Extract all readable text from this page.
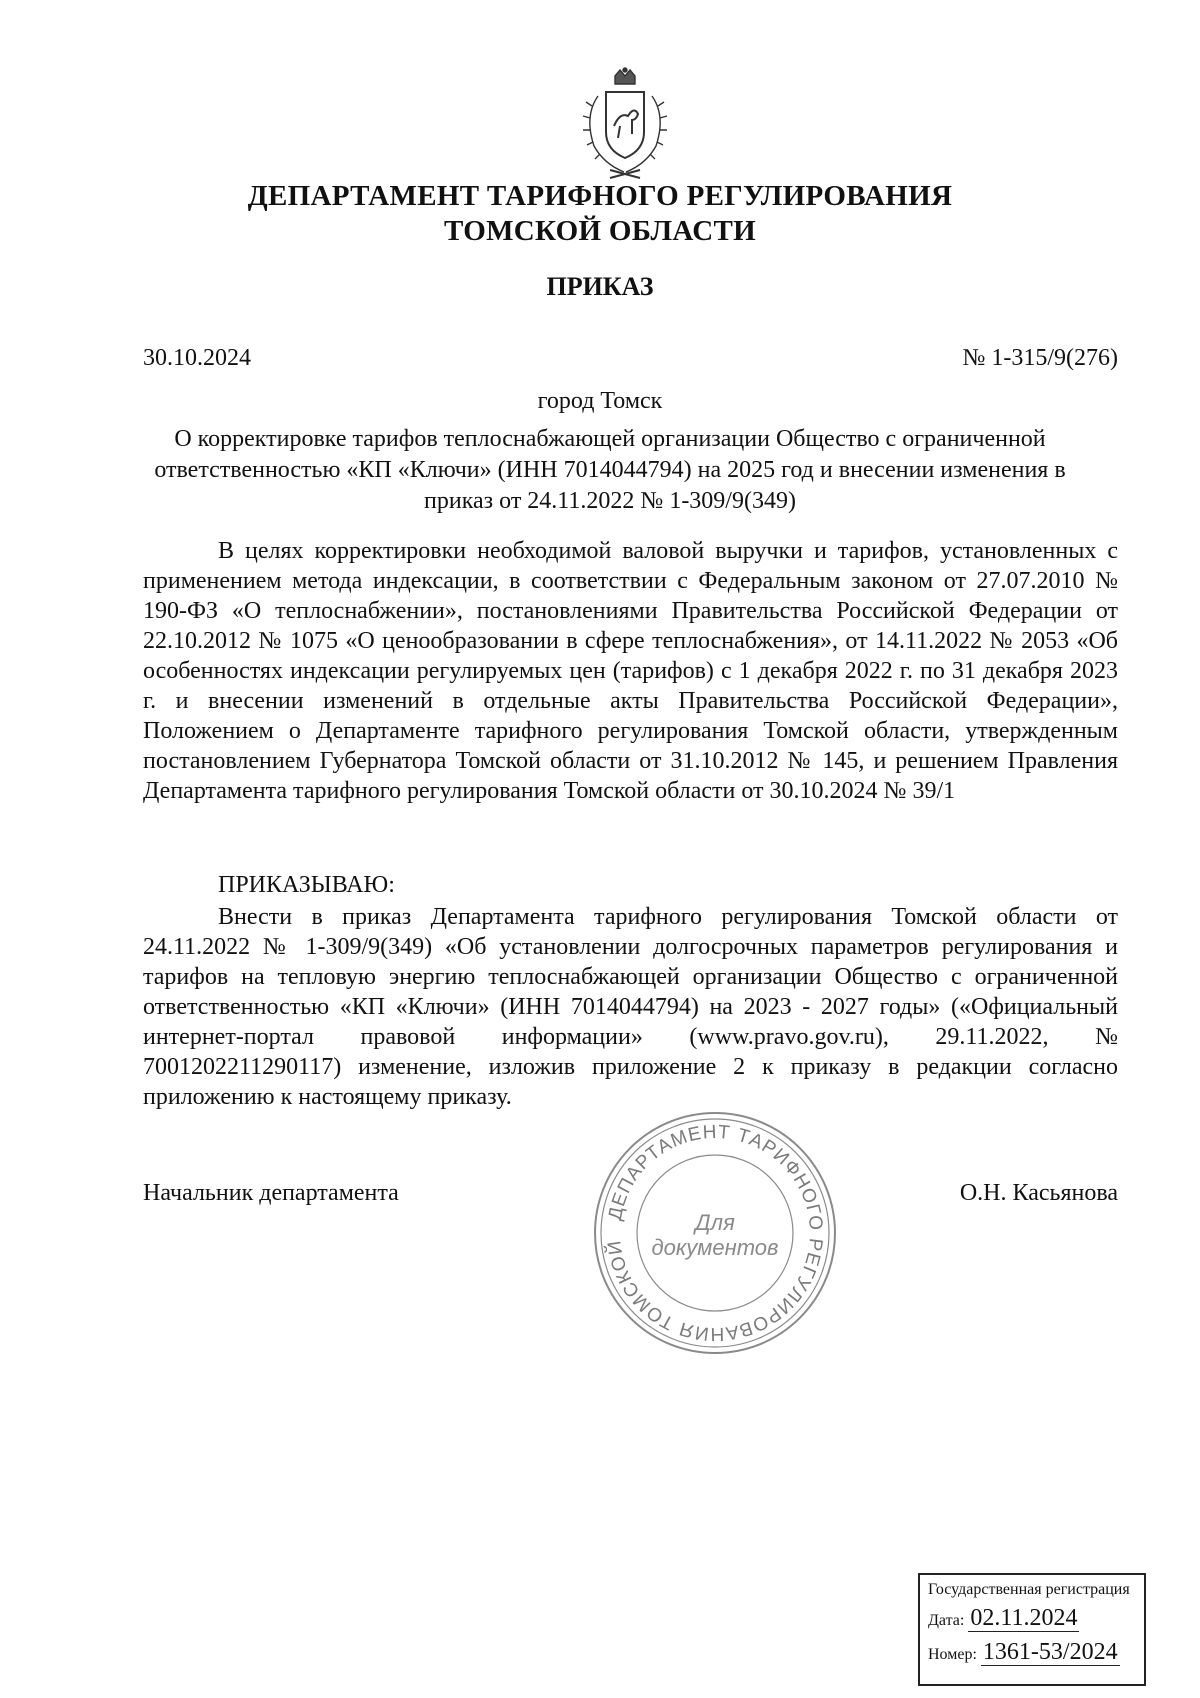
ДЕПАРТАМЕНТ ТАРИФНОГО РЕГУЛИРОВАНИЯ
ТОМСКОЙ ОБЛАСТИ
ПРИКАЗ
30.10.2024	№ 1-315/9(276)
город Томск
О корректировке тарифов теплоснабжающей организации Общество с ограниченной ответственностью «КП «Ключи» (ИНН 7014044794) на 2025 год и внесении изменения в приказ от 24.11.2022 № 1-309/9(349)
В целях корректировки необходимой валовой выручки и тарифов, установленных с применением метода индексации, в соответствии с Федеральным законом от 27.07.2010 № 190-ФЗ «О теплоснабжении», постановлениями Правительства Российской Федерации от 22.10.2012 № 1075 «О ценообразовании в сфере теплоснабжения», от 14.11.2022 № 2053 «Об особенностях индексации регулируемых цен (тарифов) с 1 декабря 2022 г. по 31 декабря 2023 г. и внесении изменений в отдельные акты Правительства Российской Федерации», Положением о Департаменте тарифного регулирования Томской области, утвержденным постановлением Губернатора Томской области от 31.10.2012 № 145, и решением Правления Департамента тарифного регулирования Томской области от 30.10.2024 № 39/1
ПРИКАЗЫВАЮ:
Внести в приказ Департамента тарифного регулирования Томской области от 24.11.2022 № 1-309/9(349) «Об установлении долгосрочных параметров регулирования и тарифов на тепловую энергию теплоснабжающей организации Общество с ограниченной ответственностью «КП «Ключи» (ИНН 7014044794) на 2023 - 2027 годы» («Официальный интернет-портал правовой информации» (www.pravo.gov.ru), 29.11.2022, № 7001202211290117) изменение, изложив приложение 2 к приказу в редакции согласно приложению к настоящему приказу.
Начальник департамента	О.Н. Касьянова
ДЕПАРТАМЕНТ ТАРИФНОГО РЕГУЛИРОВАНИЯ ТОМСКОЙ
Для
документов
Государственная регистрация
Дата: 02.11.2024
Номер: 1361-53/2024
